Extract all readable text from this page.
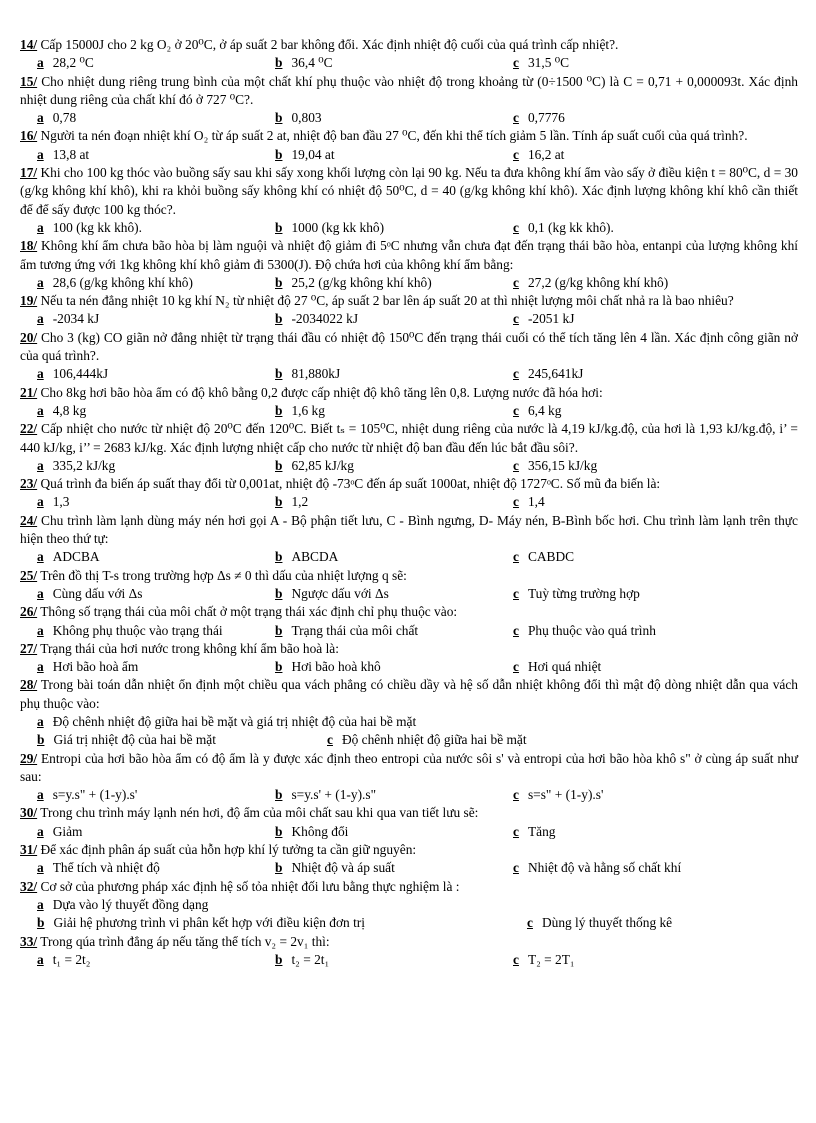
14/ Cấp 15000J cho 2 kg O₂ ở 20⁰C, ở áp suất 2 bar không đổi. Xác định nhiệt độ cuối của quá trình cấp nhiệt?.

a 28,2 ⁰C	b 36,4 ⁰C	c 31,5 ⁰C

15/ Cho nhiệt dung riêng trung bình của một chất khí phụ thuộc vào nhiệt độ trong khoảng từ (0÷1500 ⁰C) là C = 0,71 + 0,000093t. Xác định nhiệt dung riêng của chất khí đó ở 727 ⁰C?.

a 0,78	b 0,803	c 0,7776

16/ Người ta nén đoạn nhiệt khí O₂ từ áp suất 2 at, nhiệt độ ban đầu 27 ⁰C, đến khi thể tích giảm 5 lần. Tính áp suất cuối của quá trình?.

a 13,8 at	b 19,04 at	c 16,2 at

17/ Khi cho 100 kg thóc vào buồng sấy sau khi sấy xong khối lượng còn lại 90 kg. Nếu ta đưa không khí ẩm vào sấy ở điều kiện t = 80⁰C, d = 30 (g/kg không khí khô), khi ra khỏi buồng sấy không khí có nhiệt độ 50⁰C, d = 40 (g/kg không khí khô). Xác định lượng không khí khô cần thiết để để sấy được 100 kg thóc?.

a 100 (kg kk khô).	b 1000 (kg kk khô)	c 0,1 (kg kk khô).

18/ Không khí ẩm chưa bão hòa bị làm nguội và nhiệt độ giảm đi 5ᵒC nhưng vẫn chưa đạt đến trạng thái bão hòa, entanpi của lượng không khí ẩm tương ứng với 1kg không khí khô giảm đi 5300(J). Độ chứa hơi của không khí ẩm bằng:

a 28,6 (g/kg không khí khô)	b 25,2 (g/kg không khí khô)	c 27,2 (g/kg không khí khô)

19/ Nếu ta nén đẳng nhiệt 10 kg khí N₂ từ nhiệt độ 27 ⁰C, áp suất 2 bar lên áp suất 20 at thì nhiệt lượng môi chất nhả ra là bao nhiêu?

a -2034 kJ	b -2034022 kJ	c -2051 kJ

20/ Cho 3 (kg) CO giãn nở đẳng nhiệt từ trạng thái đầu có nhiệt độ 150⁰C đến trạng thái cuối có thể tích tăng lên 4 lần. Xác định công giãn nở của quá trình?.

a 106,444kJ	b 81,880kJ	c 245,641kJ

21/ Cho 8kg hơi bão hòa ẩm có độ khô bằng 0,2 được cấp nhiệt độ khô tăng lên 0,8. Lượng nước đã hóa hơi:

a 4,8 kg	b 1,6 kg	c 6,4 kg

22/ Cấp nhiệt cho nước từ nhiệt độ 20⁰C đến 120⁰C. Biết tₛ = 105⁰C, nhiệt dung riêng của nước là 4,19 kJ/kg.độ, của hơi là 1,93 kJ/kg.độ, i’ = 440 kJ/kg, i’’ = 2683 kJ/kg. Xác định lượng nhiệt cấp cho nước từ nhiệt độ ban đầu đến lúc bắt đầu sôi?.

a 335,2 kJ/kg	b 62,85 kJ/kg	c 356,15 kJ/kg

23/ Quá trình đa biến áp suất thay đổi từ 0,001at, nhiệt độ -73ᵒC đến áp suất 1000at, nhiệt độ 1727ᵒC. Số mũ đa biến là:

a 1,3	b 1,2	c 1,4

24/ Chu trình làm lạnh dùng máy nén hơi gọi A - Bộ phận tiết lưu, C - Bình ngưng, D- Máy nén, B-Bình bốc hơi. Chu trình làm lạnh trên thực hiện theo thứ tự:

a ADCBA	b ABCDA	c CABDC

25/ Trên đồ thị T-s trong trường hợp Δs ≠ 0 thì dấu của nhiệt lượng q sẽ:

a Cùng dấu với Δs	b Ngược dấu với Δs	c Tuỳ từng trường hợp

26/ Thông số trạng thái của môi chất ở một trạng thái xác định chỉ phụ thuộc vào:

a Không phụ thuộc vào trạng thái	b Trạng thái của môi chất	c Phụ thuộc vào quá trình

27/ Trạng thái của hơi nước trong không khí ẩm bão hoà là:

a Hơi bão hoà ẩm	b Hơi bão hoà khô	c Hơi quá nhiệt

28/ Trong bài toán dẫn nhiệt ổn định một chiều qua vách phẳng có chiều dầy và hệ số dẫn nhiệt không đổi thì mật độ dòng nhiệt dẫn qua vách phụ thuộc vào:

a Độ chênh nhiệt độ giữa hai bề mặt và giá trị nhiệt độ của hai bề mặt
b Giá trị nhiệt độ của hai bề mặt	c Độ chênh nhiệt độ giữa hai bề mặt

29/ Entropi của hơi bão hòa ẩm có độ ẩm là y được xác định theo entropi của nước sôi s' và entropi của hơi bão hòa khô s" ở cùng áp suất như sau:

a s=y.s" + (1-y).s'	b s=y.s' + (1-y).s"	c s=s" + (1-y).s'

30/ Trong chu trình máy lạnh nén hơi, độ ẩm của môi chất sau khi qua van tiết lưu sẽ:

a Giảm	b Không đổi	c Tăng

31/ Để xác định phân áp suất của hỗn hợp khí lý tưởng ta cần giữ nguyên:

a Thể tích và nhiệt độ	b Nhiệt độ và áp suất	c Nhiệt độ và hằng số chất khí

32/ Cơ sở của phương pháp xác định hệ số tỏa nhiệt đối lưu bằng thực nghiệm là :

a Dựa vào lý thuyết đồng dạng
b Giải hệ phương trình vi phân kết hợp với điều kiện đơn trị	c Dùng lý thuyết thống kê

33/ Trong qúa trình đẳng áp nếu tăng thể tích v₂ = 2v₁ thì:

a t₁ = 2t₂	b t₂ = 2t₁	c T₂ = 2T₁
